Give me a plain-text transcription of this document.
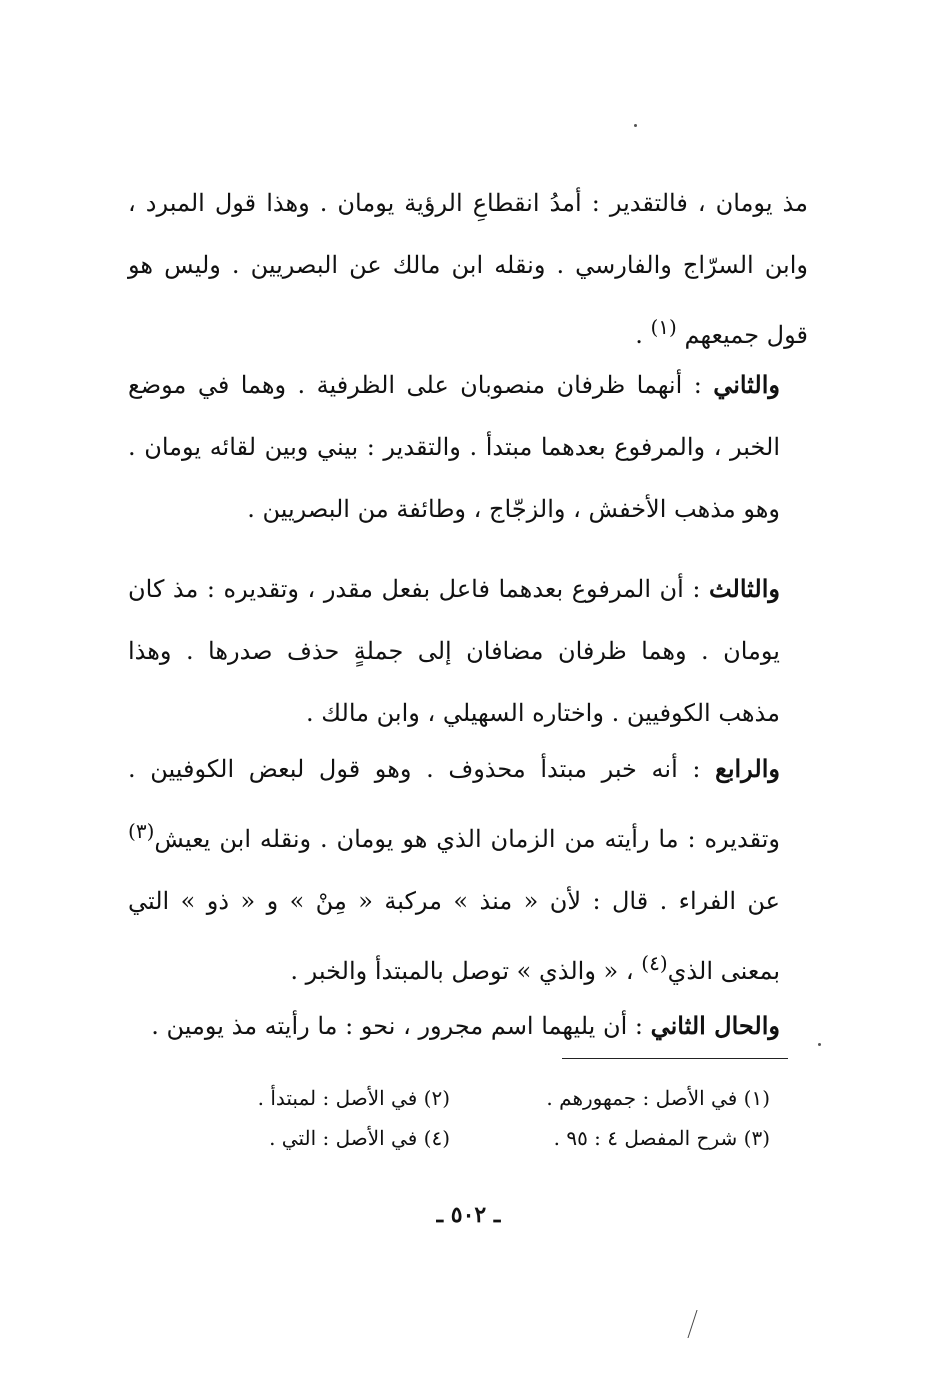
مذ يومان ، فالتقدير : أمدُ انقطاعِ الرؤية يومان . وهذا قول المبرد ، وابن السرّاج والفارسي . ونقله ابن مالك عن البصريين . وليس هو قول جميعهم $^{(١)}$ .

والثاني : أنهما ظرفان منصوبان على الظرفية . وهما في موضع الخبر ، والمرفوع بعدهما مبتدأ . والتقدير : بيني وبين لقائه يومان . وهو مذهب الأخفش ، والزجّاج ، وطائفة من البصريين .

والثالث : أن المرفوع بعدهما فاعل بفعل مقدر ، وتقديره : مذ كان يومان . وهما ظرفان مضافان إلى جملةٍ حذف صدرها . وهذا مذهب الكوفيين . واختاره السهيلي ، وابن مالك .

والرابع : أنه خبر مبتدأ محذوف . وهو قول لبعض الكوفيين . وتقديره : ما رأيته من الزمان الذي هو يومان . ونقله ابن يعيش$^{(٣)}$ عن الفراء . قال : لأن « منذ » مركبة « مِنْ » و « ذو » التي بمعنى الذي$^{(٤)}$ ، « والذي » توصل بالمبتدأ والخبر .

والحال الثاني : أن يليهما اسم مجرور ، نحو : ما رأيته مذ يومين .

(١) في الأصل : جمهورهم .
(٢) في الأصل : لمبتدأ .
(٣) شرح المفصل ٤ : ٩٥ .
(٤) في الأصل : التي .
ـ ٥٠٢ ـ
